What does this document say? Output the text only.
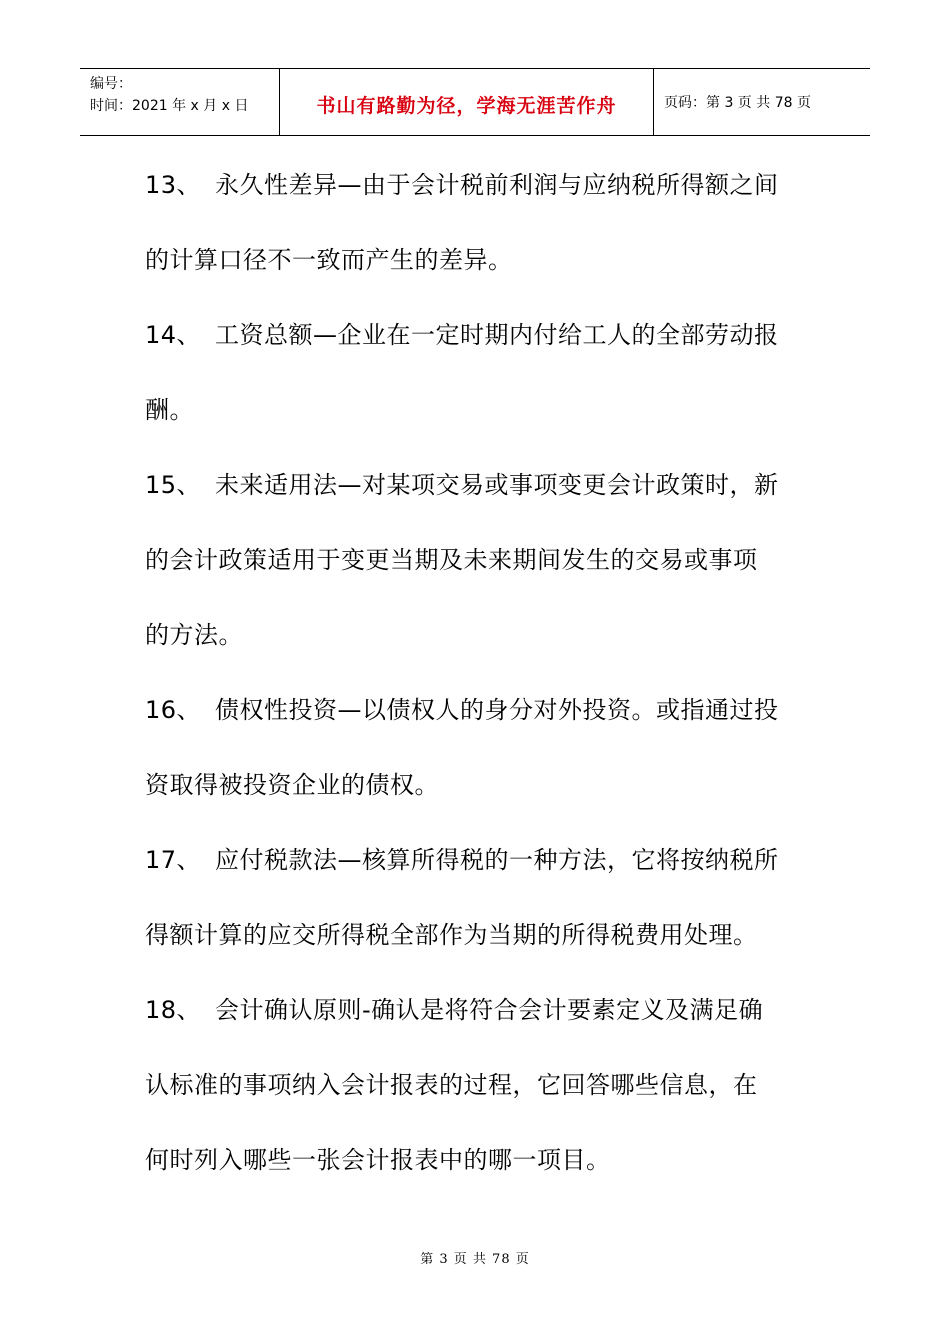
编号：
时间：2021 年 x 月 x 日	书山有路勤为径，学海无涯苦作舟	页码：第 3 页 共 78 页
13、 永久性差异—由于会计税前利润与应纳税所得额之间
的计算口径不一致而产生的差异。
14、 工资总额—企业在一定时期内付给工人的全部劳动报
酬。
15、 未来适用法—对某项交易或事项变更会计政策时，新
的会计政策适用于变更当期及未来期间发生的交易或事项
的方法。
16、 债权性投资—以债权人的身分对外投资。或指通过投
资取得被投资企业的债权。
17、 应付税款法—核算所得税的一种方法，它将按纳税所
得额计算的应交所得税全部作为当期的所得税费用处理。
18、 会计确认原则-确认是将符合会计要素定义及满足确
认标准的事项纳入会计报表的过程，它回答哪些信息，在
何时列入哪些一张会计报表中的哪一项目。
第 3 页 共 78 页
